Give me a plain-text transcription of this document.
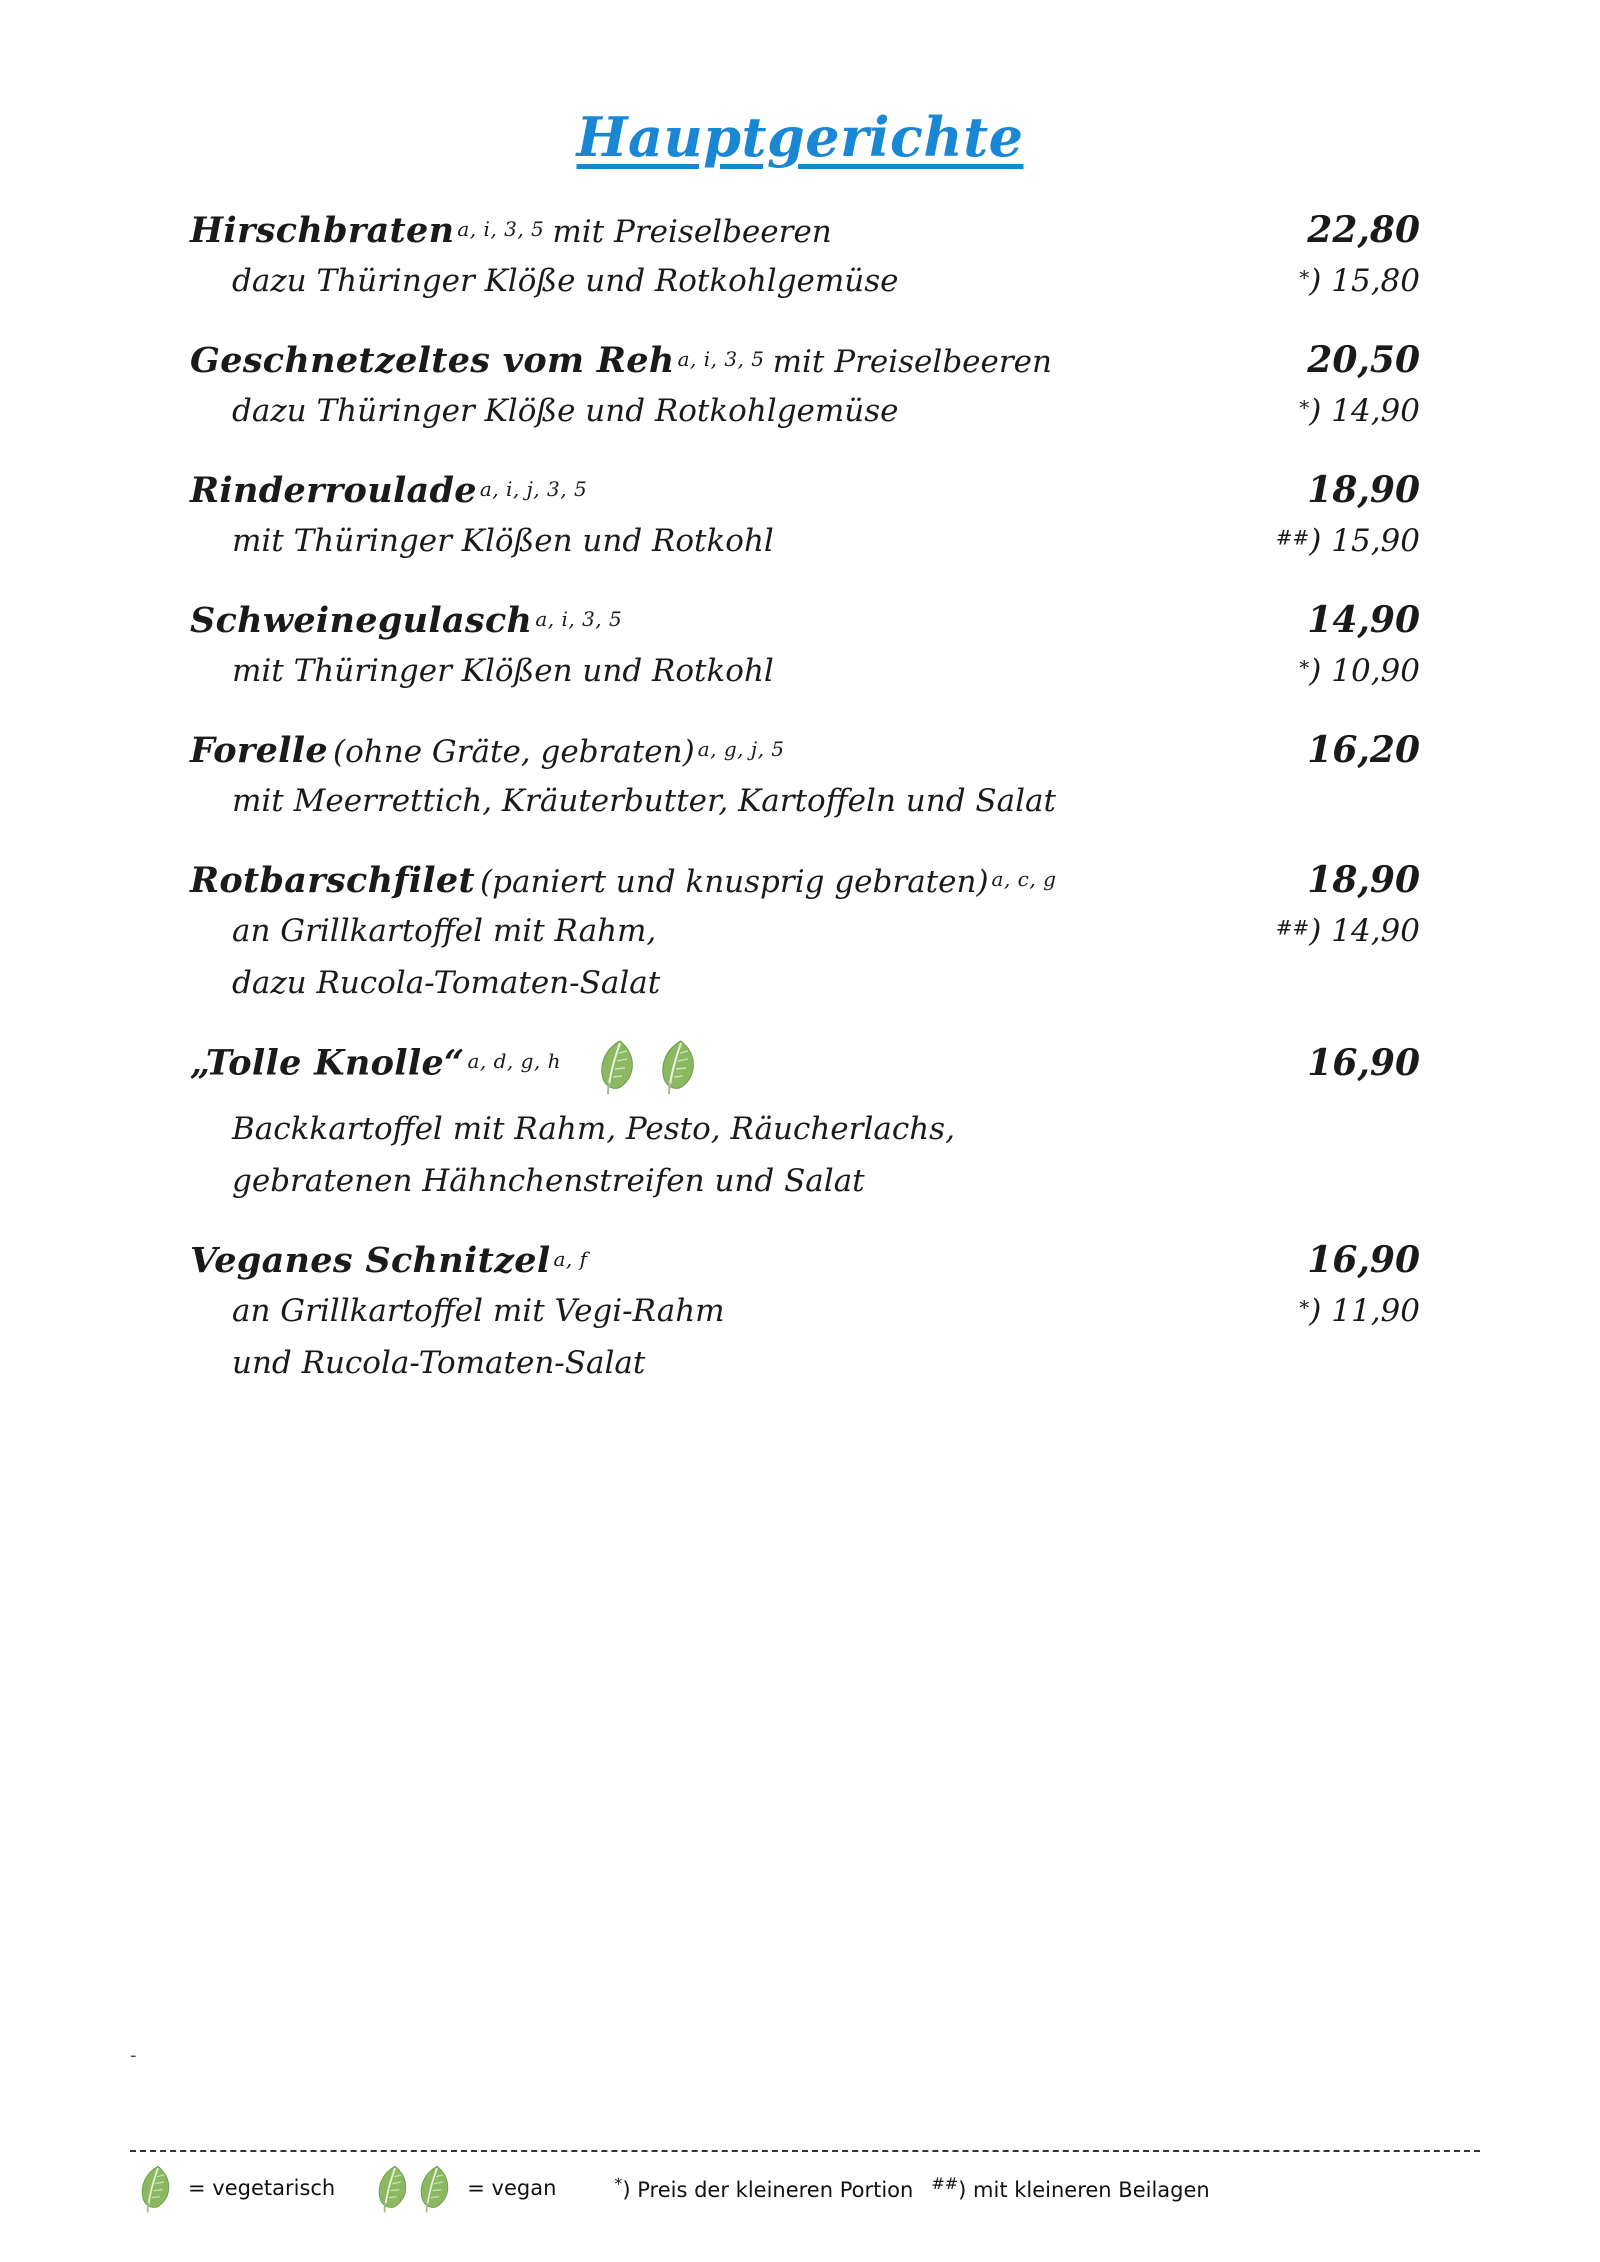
Hauptgerichte
Hirschbraten a, i, 3, 5 mit Preiselbeeren	22,80
dazu Thüringer Klöße und Rotkohlgemüse	*) 15,80
Geschnetzeltes vom Reh a, i, 3, 5 mit Preiselbeeren	20,50
dazu Thüringer Klöße und Rotkohlgemüse	*) 14,90
Rinderroulade a, i, j, 3, 5	18,90
mit Thüringer Klößen und Rotkohl	##) 15,90
Schweinegulasch a, i, 3, 5	14,90
mit Thüringer Klößen und Rotkohl	*) 10,90
Forelle (ohne Gräte, gebraten) a, g, j, 5	16,20
mit Meerrettich, Kräuterbutter, Kartoffeln und Salat
Rotbarschfilet (paniert und knusprig gebraten) a, c, g	18,90
an Grillkartoffel mit Rahm,	##) 14,90
dazu Rucola-Tomaten-Salat
„Tolle Knolle“ a, d, g, h
	16,90
Backkartoffel mit Rahm, Pesto, Räucherlachs,
gebratenen Hähnchenstreifen und Salat
Veganes Schnitzel a, f	16,90
an Grillkartoffel mit Vegi-Rahm	*) 11,90
und Rucola-Tomaten-Salat
-
= vegetarisch	= vegan	*) Preis der kleineren Portion ##) mit kleineren Beilagen
